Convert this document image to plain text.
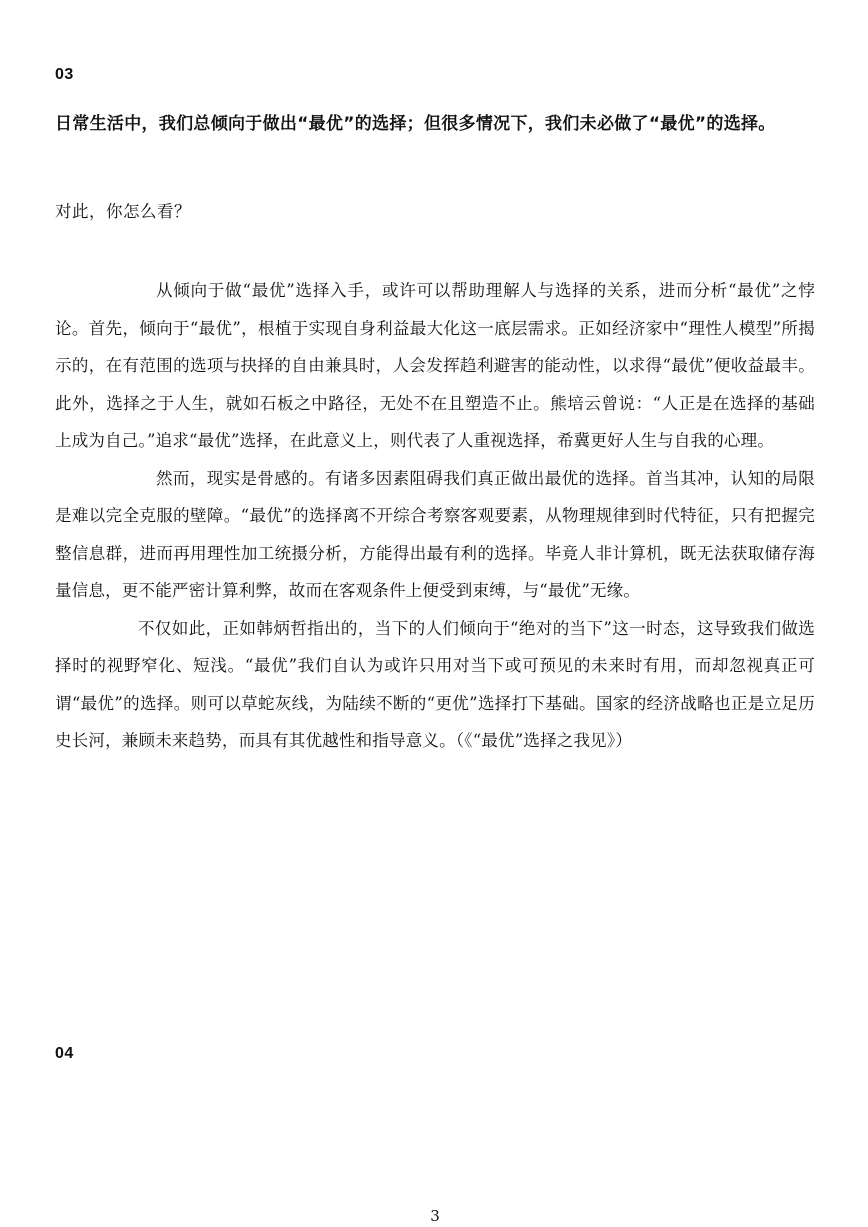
03
日常生活中，我们总倾向于做出“最优”的选择；但很多情况下，我们未必做了“最优”的选择。
对此，你怎么看？

从倾向于做“最优”选择入手，或许可以帮助理解人与选择的关系，进而分析“最优”之悖论。首先，倾向于“最优”，根植于实现自身利益最大化这一底层需求。正如经济家中“理性人模型”所揭示的，在有范围的选项与抉择的自由兼具时，人会发挥趋利避害的能动性，以求得“最优”便收益最丰。此外，选择之于人生，就如石板之中路径，无处不在且塑造不止。熊培云曾说：“人正是在选择的基础上成为自己。”追求“最优”选择，在此意义上，则代表了人重视选择，希冀更好人生与自我的心理。

然而，现实是骨感的。有诸多因素阻碍我们真正做出最优的选择。首当其冲，认知的局限是难以完全克服的壁障。“最优”的选择离不开综合考察客观要素，从物理规律到时代特征，只有把握完整信息群，进而再用理性加工统摄分析，方能得出最有利的选择。毕竟人非计算机，既无法获取储存海量信息，更不能严密计算利弊，故而在客观条件上便受到束缚，与“最优”无缘。

不仅如此，正如韩炳哲指出的，当下的人们倾向于“绝对的当下”这一时态，这导致我们做选择时的视野窄化、短浅。“最优”我们自认为或许只用对当下或可预见的未来时有用，而却忽视真正可谓“最优”的选择。则可以草蛇灰线，为陆续不断的“更优”选择打下基础。国家的经济战略也正是立足历史长河，兼顾未来趋势，而具有其优越性和指导意义。（《“最优”选择之我见》）

04
3
